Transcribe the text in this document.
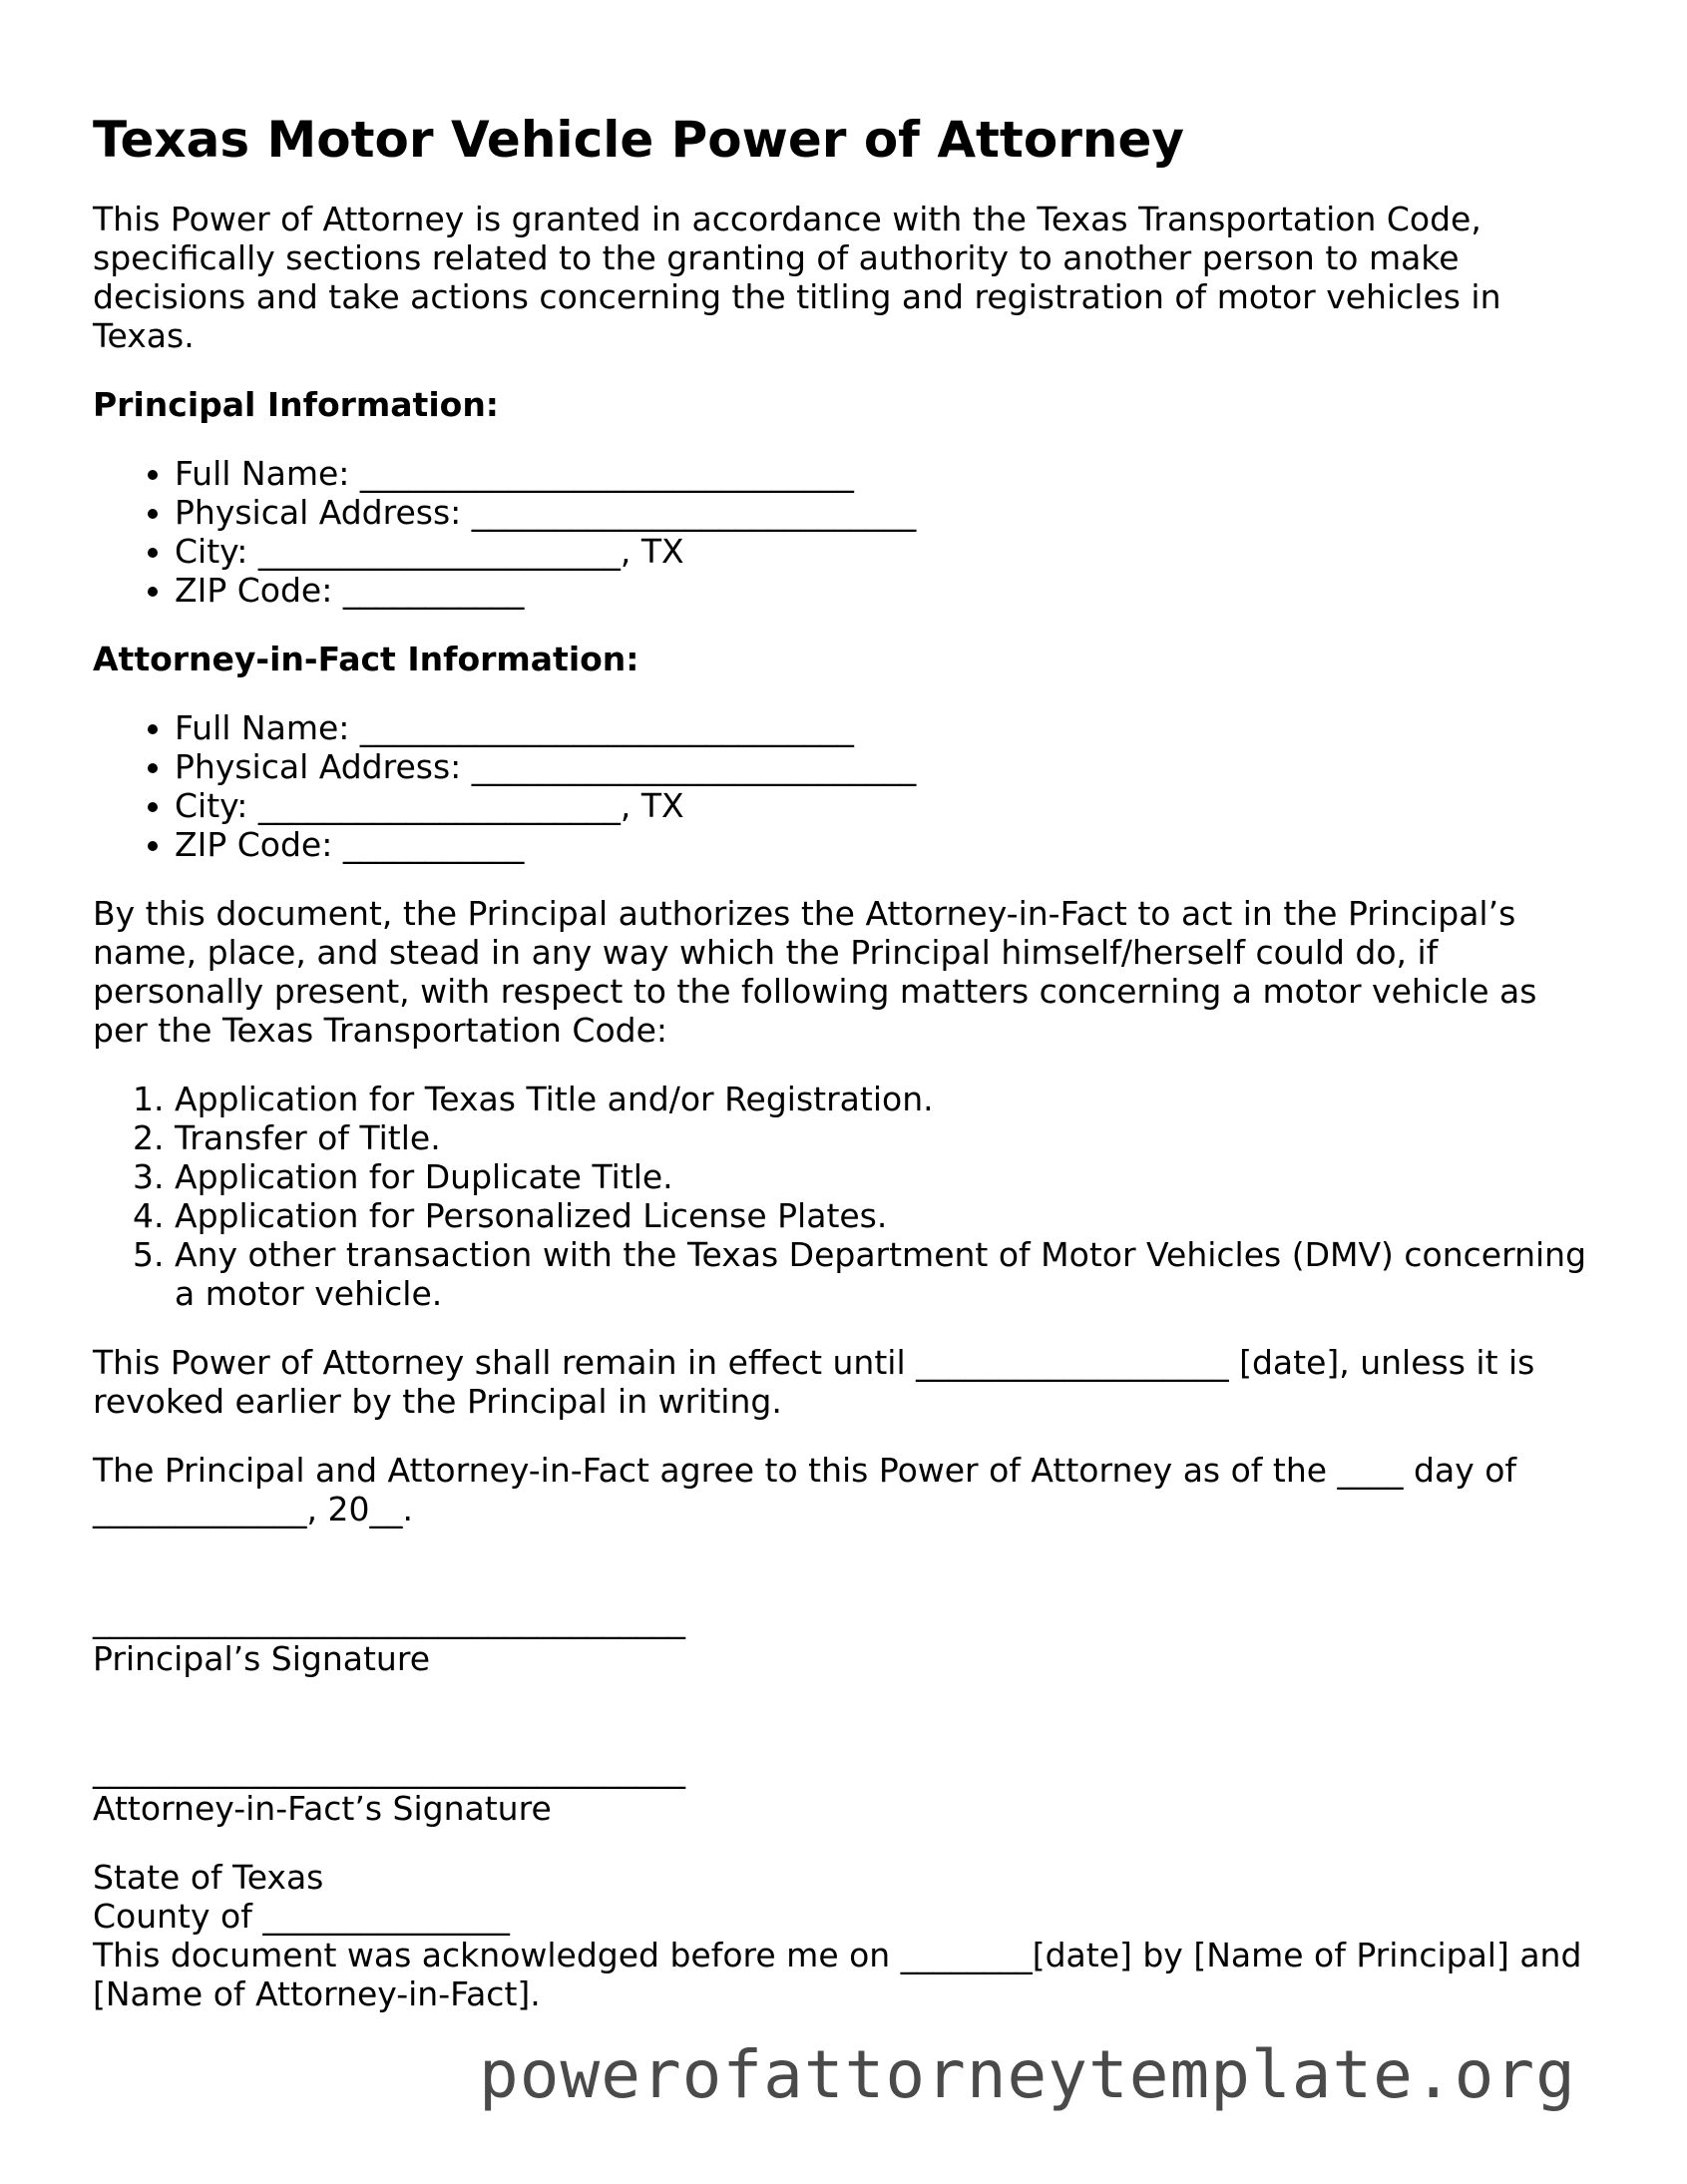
Texas Motor Vehicle Power of Attorney

This Power of Attorney is granted in accordance with the Texas Transportation Code, specifically sections related to the granting of authority to another person to make decisions and take actions concerning the titling and registration of motor vehicles in Texas.

Principal Information:
• Full Name: ______________________________
• Physical Address: ___________________________
• City: ______________________, TX
• ZIP Code: ___________
Attorney-in-Fact Information:
• Full Name: ______________________________
• Physical Address: ___________________________
• City: ______________________, TX
• ZIP Code: ___________

By this document, the Principal authorizes the Attorney-in-Fact to act in the Principal’s name, place, and stead in any way which the Principal himself/herself could do, if personally present, with respect to the following matters concerning a motor vehicle as per the Texas Transportation Code:

1. Application for Texas Title and/or Registration.
2. Transfer of Title.
3. Application for Duplicate Title.
4. Application for Personalized License Plates.
5. Any other transaction with the Texas Department of Motor Vehicles (DMV) concerning a motor vehicle.

This Power of Attorney shall remain in effect until ___________________ [date], unless it is revoked earlier by the Principal in writing.

The Principal and Attorney-in-Fact agree to this Power of Attorney as of the ____ day of _____________, 20__.

____________________________________
Principal’s Signature
____________________________________
Attorney-in-Fact’s Signature
State of Texas
County of _______________
This document was acknowledged before me on ________[date] by [Name of Principal] and [Name of Attorney-in-Fact].
powerofattorneytemplate.org
